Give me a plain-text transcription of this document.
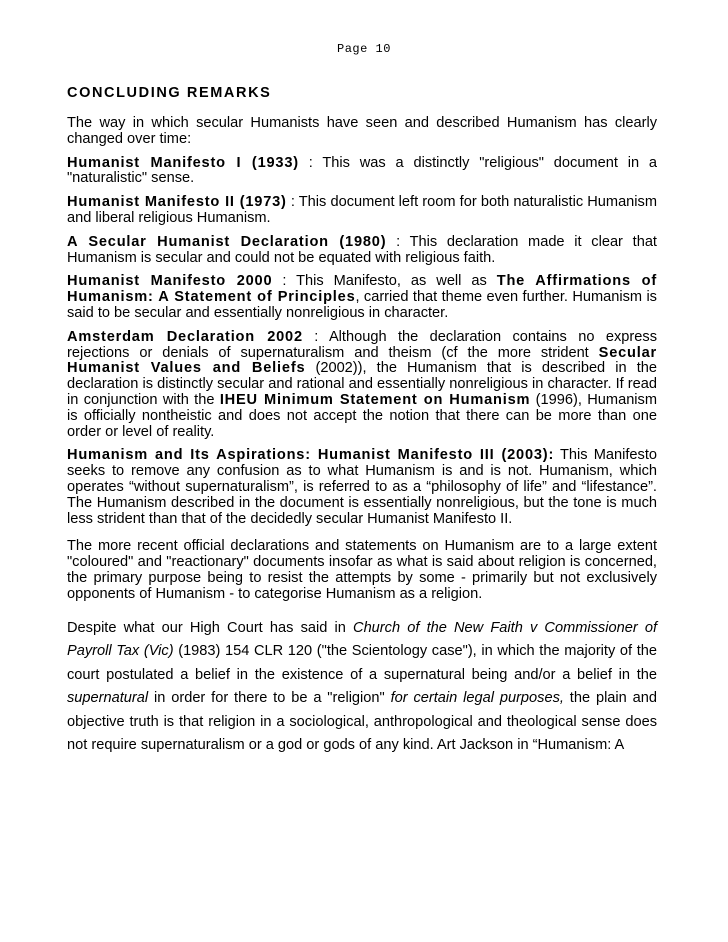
Page 10
CONCLUDING REMARKS

The way in which secular Humanists have seen and described Humanism has clearly changed over time:

Humanist Manifesto I (1933) : This was a distinctly "religious" document in a "naturalistic" sense.

Humanist Manifesto II (1973) : This document left room for both naturalistic Humanism and liberal religious Humanism.

A Secular Humanist Declaration (1980) : This declaration made it clear that Humanism is secular and could not be equated with religious faith.

Humanist Manifesto 2000 : This Manifesto, as well as The Affirmations of Humanism: A Statement of Principles, carried that theme even further. Humanism is said to be secular and essentially nonreligious in character.

Amsterdam Declaration 2002 : Although the declaration contains no express rejections or denials of supernaturalism and theism (cf the more strident Secular Humanist Values and Beliefs (2002)), the Humanism that is described in the declaration is distinctly secular and rational and essentially nonreligious in character. If read in conjunction with the IHEU Minimum Statement on Humanism (1996), Humanism is officially nontheistic and does not accept the notion that there can be more than one order or level of reality.

Humanism and Its Aspirations: Humanist Manifesto III (2003): This Manifesto seeks to remove any confusion as to what Humanism is and is not. Humanism, which operates “without supernaturalism”, is referred to as a “philosophy of life” and “lifestance”. The Humanism described in the document is essentially nonreligious, but the tone is much less strident than that of the decidedly secular Humanist Manifesto II.

The more recent official declarations and statements on Humanism are to a large extent "coloured" and "reactionary" documents insofar as what is said about religion is concerned, the primary purpose being to resist the attempts by some - primarily but not exclusively opponents of Humanism - to categorise Humanism as a religion.

Despite what our High Court has said in Church of the New Faith v Commissioner of Payroll Tax (Vic) (1983) 154 CLR 120 ("the Scientology case"), in which the majority of the court postulated a belief in the existence of a supernatural being and/or a belief in the supernatural in order for there to be a "religion" for certain legal purposes, the plain and objective truth is that religion in a sociological, anthropological and theological sense does not require supernaturalism or a god or gods of any kind. Art Jackson in “Humanism: A
